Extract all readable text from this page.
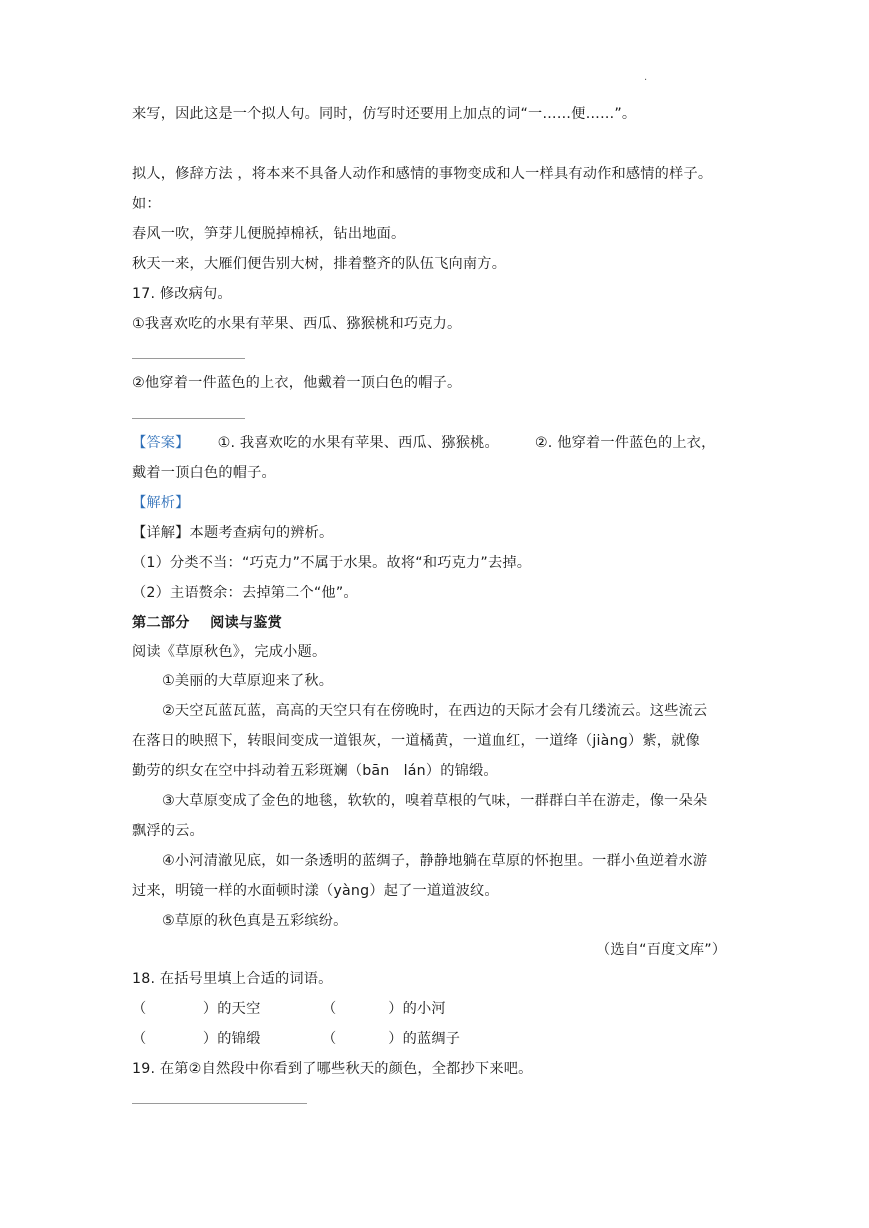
.
来写，因此这是一个拟人句。同时，仿写时还要用上加点的词“一……便……”。
拟人，修辞方法 ，将本来不具备人动作和感情的事物变成和人一样具有动作和感情的样子。
如：
春风一吹，笋芽儿便脱掉棉袄，钻出地面。
秋天一来，大雁们便告别大树，排着整齐的队伍飞向南方。
17. 修改病句。
①我喜欢吃的水果有苹果、西瓜、猕猴桃和巧克力。
②他穿着一件蓝色的上衣，他戴着一顶白色的帽子。
【答案】 ①. 我喜欢吃的水果有苹果、西瓜、猕猴桃。	②. 他穿着一件蓝色的上衣，
戴着一顶白色的帽子。
【解析】
【详解】本题考查病句的辨析。
（1）分类不当：“巧克力”不属于水果。故将“和巧克力”去掉。
（2）主语赘余：去掉第二个“他”。
第二部分    阅读与鉴赏
阅读《草原秋色》，完成小题。
①美丽的大草原迎来了秋。
②天空瓦蓝瓦蓝，高高的天空只有在傍晚时，在西边的天际才会有几缕流云。这些流云
在落日的映照下，转眼间变成一道银灰，一道橘黄，一道血红，一道绛（jiàng）紫，就像
勤劳的织女在空中抖动着五彩斑斓（bān   lán）的锦缎。
③大草原变成了金色的地毯，软软的，嗅着草根的气味，一群群白羊在游走，像一朵朵
飘浮的云。
④小河清澈见底，如一条透明的蓝绸子，静静地躺在草原的怀抱里。一群小鱼逆着水游
过来，明镜一样的水面顿时漾（yàng）起了一道道波纹。
⑤草原的秋色真是五彩缤纷。
（选自“百度文库”）
18. 在括号里填上合适的词语。
（            ）的天空	（           ）的小河
（            ）的锦缎	（           ）的蓝绸子
19. 在第②自然段中你看到了哪些秋天的颜色，全都抄下来吧。
